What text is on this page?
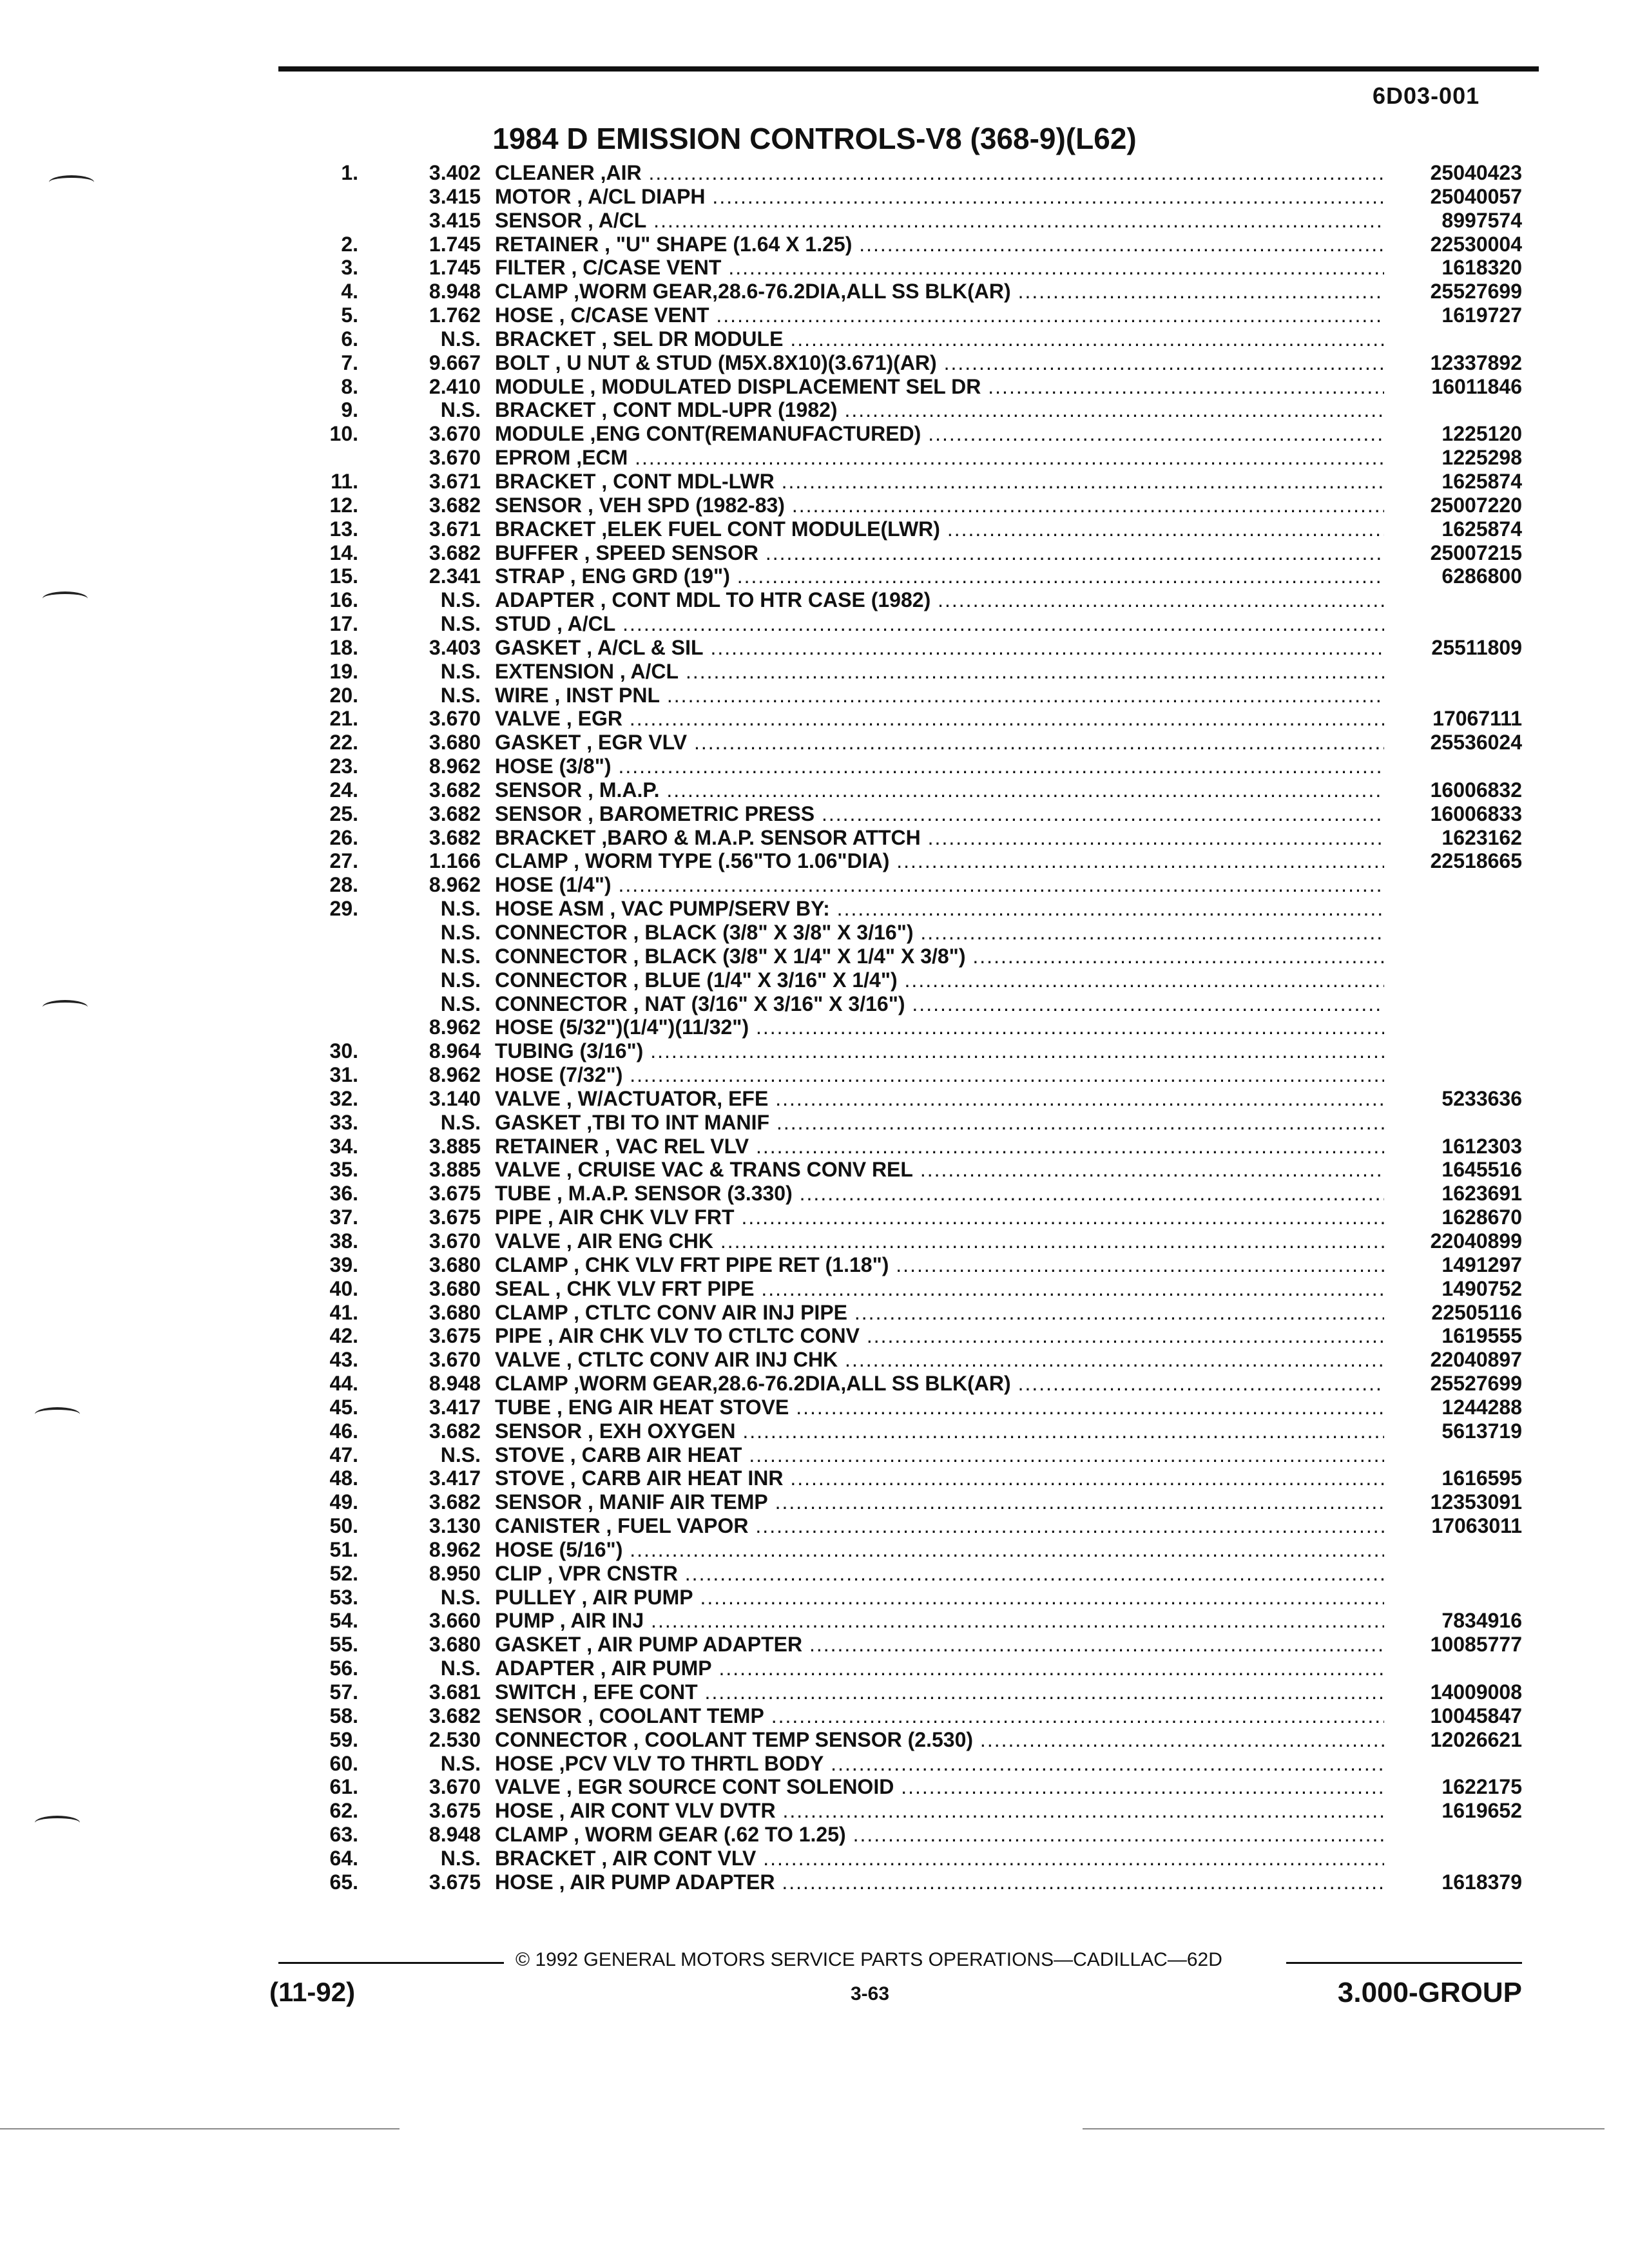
6D03-001
1984 D EMISSION CONTROLS-V8 (368-9)(L62)
1.	3.402 CLEANER ,AIR .....	25040423
3.415 MOTOR , A/CL DIAPH .....	25040057
3.415 SENSOR , A/CL .....	8997574
2.	1.745 RETAINER , "U" SHAPE (1.64 X 1.25) .....	22530004
3.	1.745 FILTER , C/CASE VENT .....	1618320
4.	8.948 CLAMP ,WORM GEAR,28.6-76.2DIA,ALL SS BLK(AR) .....	25527699
5.	1.762 HOSE , C/CASE VENT .....	1619727
6.	N.S. BRACKET , SEL DR MODULE .....
7.	9.667 BOLT , U NUT & STUD (M5X.8X10)(3.671)(AR) .....	12337892
8.	2.410 MODULE , MODULATED DISPLACEMENT SEL DR .....	16011846
9.	N.S. BRACKET , CONT MDL-UPR (1982) .....
10.	3.670 MODULE ,ENG CONT(REMANUFACTURED) .....	1225120
3.670 EPROM ,ECM .....	1225298
11.	3.671 BRACKET , CONT MDL-LWR .....	1625874
12.	3.682 SENSOR , VEH SPD (1982-83) .....	25007220
13.	3.671 BRACKET ,ELEK FUEL CONT MODULE(LWR) .....	1625874
14.	3.682 BUFFER , SPEED SENSOR .....	25007215
15.	2.341 STRAP , ENG GRD (19") .....	6286800
16.	N.S. ADAPTER , CONT MDL TO HTR CASE (1982) .....
17.	N.S. STUD , A/CL .....
18.	3.403 GASKET , A/CL & SIL .....	25511809
19.	N.S. EXTENSION , A/CL .....
20.	N.S. WIRE , INST PNL .....
21.	3.670 VALVE , EGR .....	17067111
22.	3.680 GASKET , EGR VLV .....	25536024
23.	8.962 HOSE (3/8") .....
24.	3.682 SENSOR , M.A.P. .....	16006832
25.	3.682 SENSOR , BAROMETRIC PRESS .....	16006833
26.	3.682 BRACKET ,BARO & M.A.P. SENSOR ATTCH .....	1623162
27.	1.166 CLAMP , WORM TYPE (.56"TO 1.06"DIA) .....	22518665
28.	8.962 HOSE (1/4") .....
29.	N.S. HOSE ASM , VAC PUMP/SERV BY: .....
N.S. CONNECTOR , BLACK (3/8" X 3/8" X 3/16") .....
N.S. CONNECTOR , BLACK (3/8" X 1/4" X 1/4" X 3/8") .....
N.S. CONNECTOR , BLUE (1/4" X 3/16" X 1/4") .....
N.S. CONNECTOR , NAT (3/16" X 3/16" X 3/16") .....
8.962 HOSE (5/32")(1/4")(11/32") .....
30.	8.964 TUBING (3/16") .....
31.	8.962 HOSE (7/32") .....
32.	3.140 VALVE , W/ACTUATOR, EFE .....	5233636
33.	N.S. GASKET ,TBI TO INT MANIF .....
34.	3.885 RETAINER , VAC REL VLV .....	1612303
35.	3.885 VALVE , CRUISE VAC & TRANS CONV REL .....	1645516
36.	3.675 TUBE , M.A.P. SENSOR (3.330) .....	1623691
37.	3.675 PIPE , AIR CHK VLV FRT .....	1628670
38.	3.670 VALVE , AIR ENG CHK .....	22040899
39.	3.680 CLAMP , CHK VLV FRT PIPE RET (1.18") .....	1491297
40.	3.680 SEAL , CHK VLV FRT PIPE .....	1490752
41.	3.680 CLAMP , CTLTC CONV AIR INJ PIPE .....	22505116
42.	3.675 PIPE , AIR CHK VLV TO CTLTC CONV .....	1619555
43.	3.670 VALVE , CTLTC CONV AIR INJ CHK .....	22040897
44.	8.948 CLAMP ,WORM GEAR,28.6-76.2DIA,ALL SS BLK(AR) .....	25527699
45.	3.417 TUBE , ENG AIR HEAT STOVE .....	1244288
46.	3.682 SENSOR , EXH OXYGEN .....	5613719
47.	N.S. STOVE , CARB AIR HEAT .....
48.	3.417 STOVE , CARB AIR HEAT INR .....	1616595
49.	3.682 SENSOR , MANIF AIR TEMP .....	12353091
50.	3.130 CANISTER , FUEL VAPOR .....	17063011
51.	8.962 HOSE (5/16") .....
52.	8.950 CLIP , VPR CNSTR .....
53.	N.S. PULLEY , AIR PUMP .....
54.	3.660 PUMP , AIR INJ .....	7834916
55.	3.680 GASKET , AIR PUMP ADAPTER .....	10085777
56.	N.S. ADAPTER , AIR PUMP .....
57.	3.681 SWITCH , EFE CONT .....	14009008
58.	3.682 SENSOR , COOLANT TEMP .....	10045847
59.	2.530 CONNECTOR , COOLANT TEMP SENSOR (2.530) .....	12026621
60.	N.S. HOSE ,PCV VLV TO THRTL BODY .....
61.	3.670 VALVE , EGR SOURCE CONT SOLENOID .....	1622175
62.	3.675 HOSE , AIR CONT VLV DVTR .....	1619652
63.	8.948 CLAMP , WORM GEAR (.62 TO 1.25) .....
64.	N.S. BRACKET , AIR CONT VLV .....
65.	3.675 HOSE , AIR PUMP ADAPTER .....	1618379
© 1992 GENERAL MOTORS SERVICE PARTS OPERATIONS—CADILLAC—62D
(11-92)	3-63	3.000-GROUP
